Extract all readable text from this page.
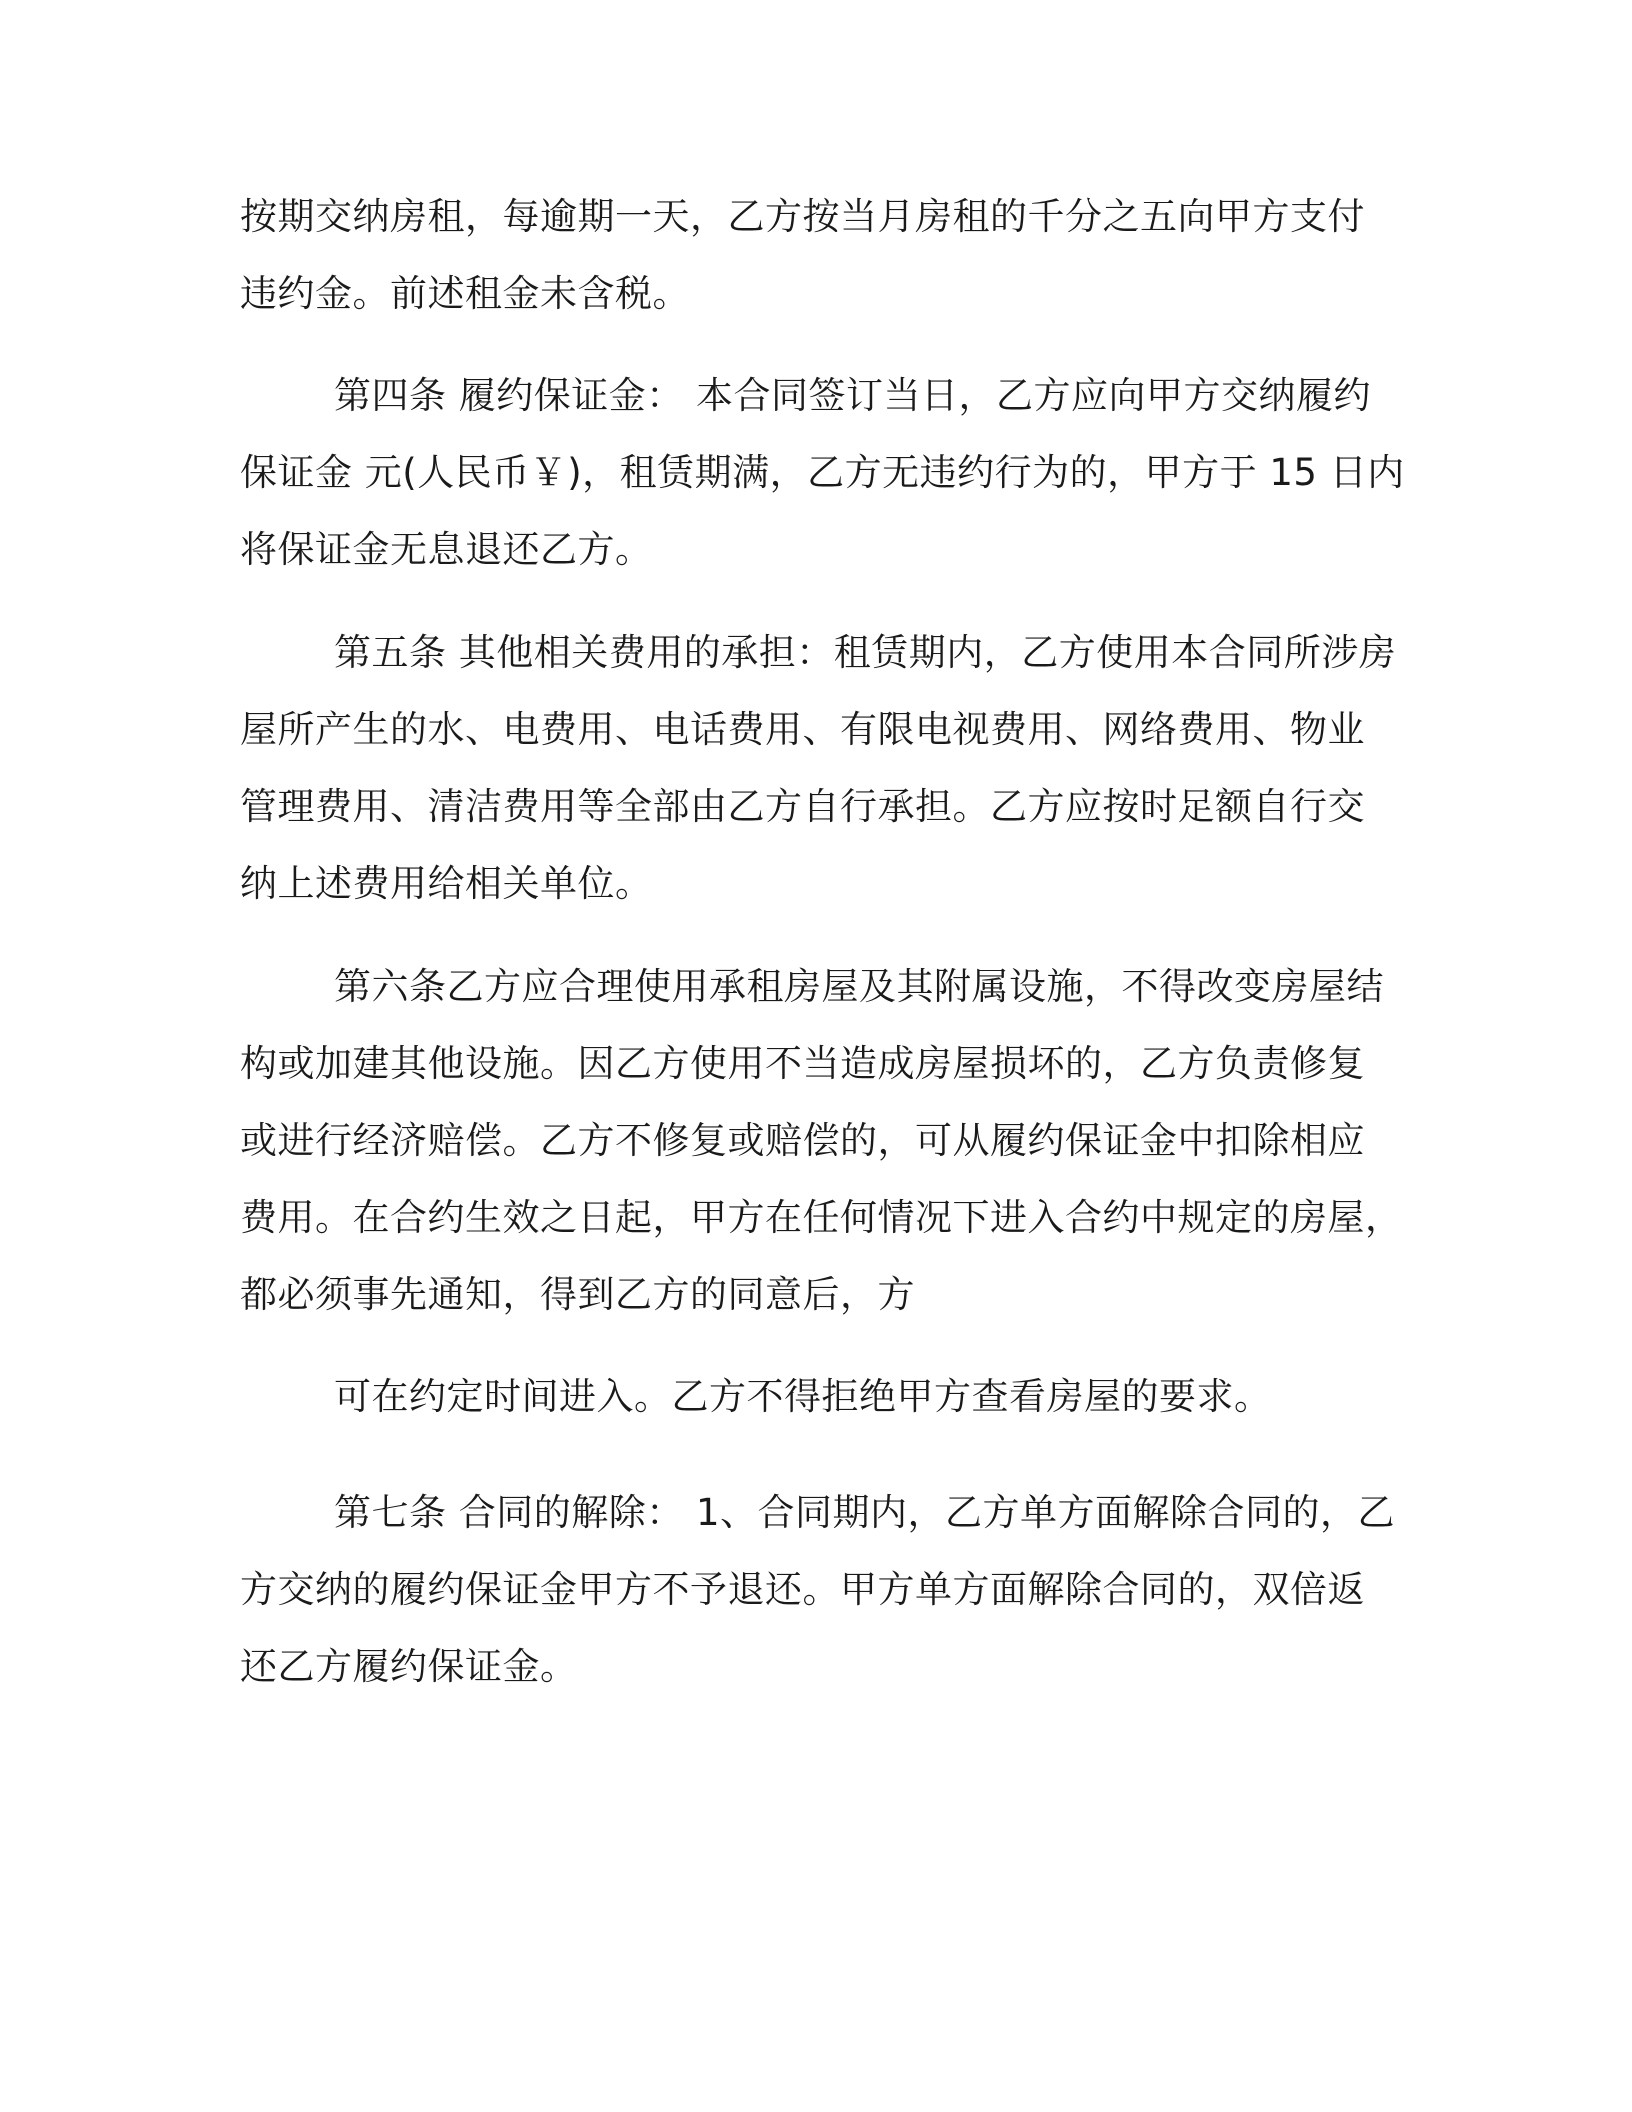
按期交纳房租，每逾期一天，乙方按当月房租的千分之五向甲方支付
违约金。前述租金未含税。
第四条 履约保证金： 本合同签订当日，乙方应向甲方交纳履约
保证金 元(人民币￥)，租赁期满，乙方无违约行为的，甲方于 15 日内
将保证金无息退还乙方。
第五条 其他相关费用的承担：租赁期内，乙方使用本合同所涉房
屋所产生的水、电费用、电话费用、有限电视费用、网络费用、物业
管理费用、清洁费用等全部由乙方自行承担。乙方应按时足额自行交
纳上述费用给相关单位。
第六条乙方应合理使用承租房屋及其附属设施，不得改变房屋结
构或加建其他设施。因乙方使用不当造成房屋损坏的，乙方负责修复
或进行经济赔偿。乙方不修复或赔偿的，可从履约保证金中扣除相应
费用。在合约生效之日起，甲方在任何情况下进入合约中规定的房屋，
都必须事先通知，得到乙方的同意后，方
可在约定时间进入。乙方不得拒绝甲方查看房屋的要求。
第七条 合同的解除： 1、合同期内，乙方单方面解除合同的，乙
方交纳的履约保证金甲方不予退还。甲方单方面解除合同的，双倍返
还乙方履约保证金。
